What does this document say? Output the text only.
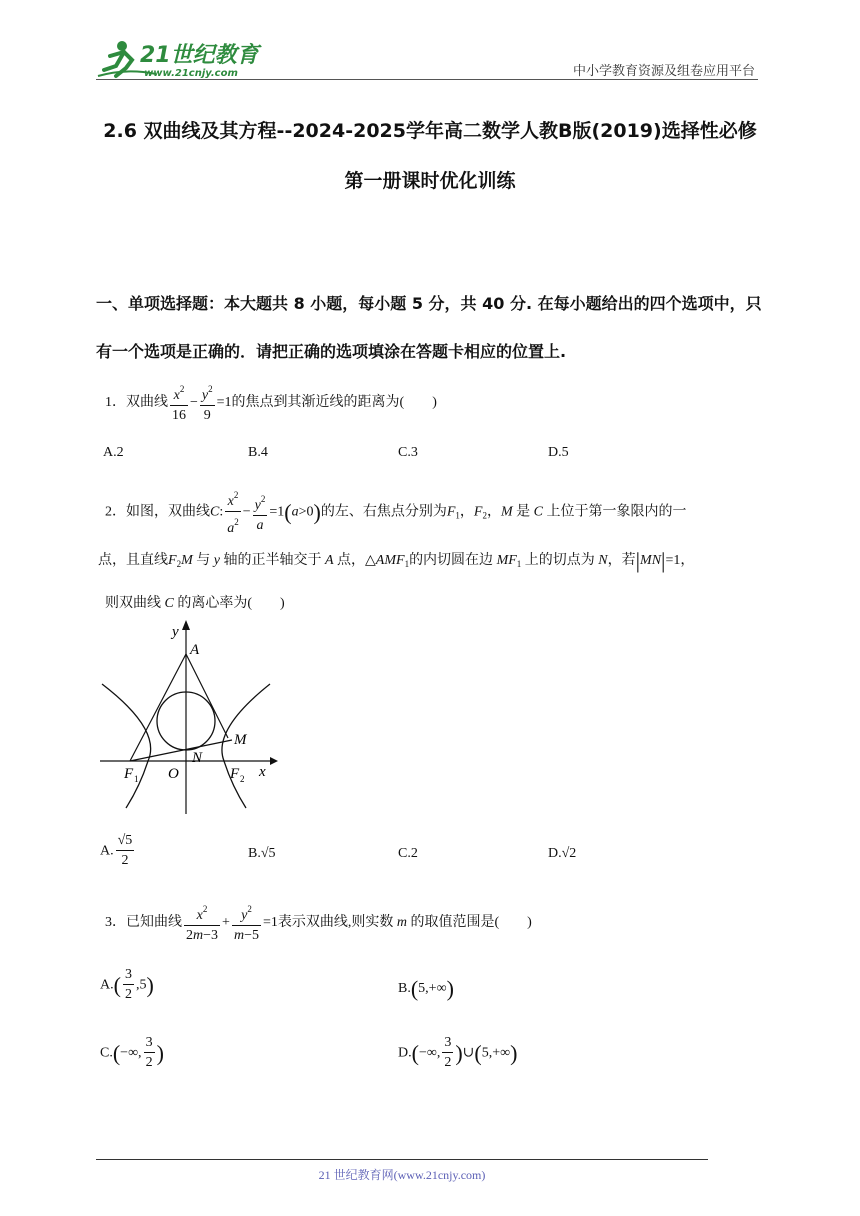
21世纪教育
www.21cnjy.com	中小学教育资源及组卷应用平台
2.6 双曲线及其方程--2024-2025学年高二数学人教B版(2019)选择性必修第一册课时优化训练
一、单项选择题：本大题共 8 小题，每小题 5 分，共 40 分. 在每小题给出的四个选项中，只有一个选项是正确的．请把正确的选项填涂在答题卡相应的位置上.
1．双曲线 $\frac{x^2}{16} - \frac{y^2}{9} =1$的焦点到其渐近线的距离为(　　)
A.2	B.4	C.3	D.5
2．如图，双曲线C: $\frac{x^2}{a^2} - \frac{y^2}{a} =1(a>0)$的左、右焦点分别为$F_1$，$F_2$，M 是 C 上位于第一象限内的一
点，且直线$F_2M$ 与 y 轴的正半轴交于 A 点，$\triangle AMF_1$的内切圆在边 $MF_1$ 上的切点为 N，若|MN|=1，
则双曲线 C 的离心率为(　　)
y
x
A
M
N
O
F 1	F 2
A. $\frac{√5}{2}$	B.√5	C.2	D.√2
3．已知曲线 $\frac{x^2}{2m-3} + \frac{y^2}{m-5} =1$表示双曲线,则实数 m 的取值范围是(　　)
$A.( \frac{3}{2} ,5)$	B.(5,+∞)
C.(−∞, $\frac{3}{2}$ )	D.(−∞, $\frac{3}{2}$ )∪(5,+∞)
21 世纪教育网(www.21cnjy.com)
